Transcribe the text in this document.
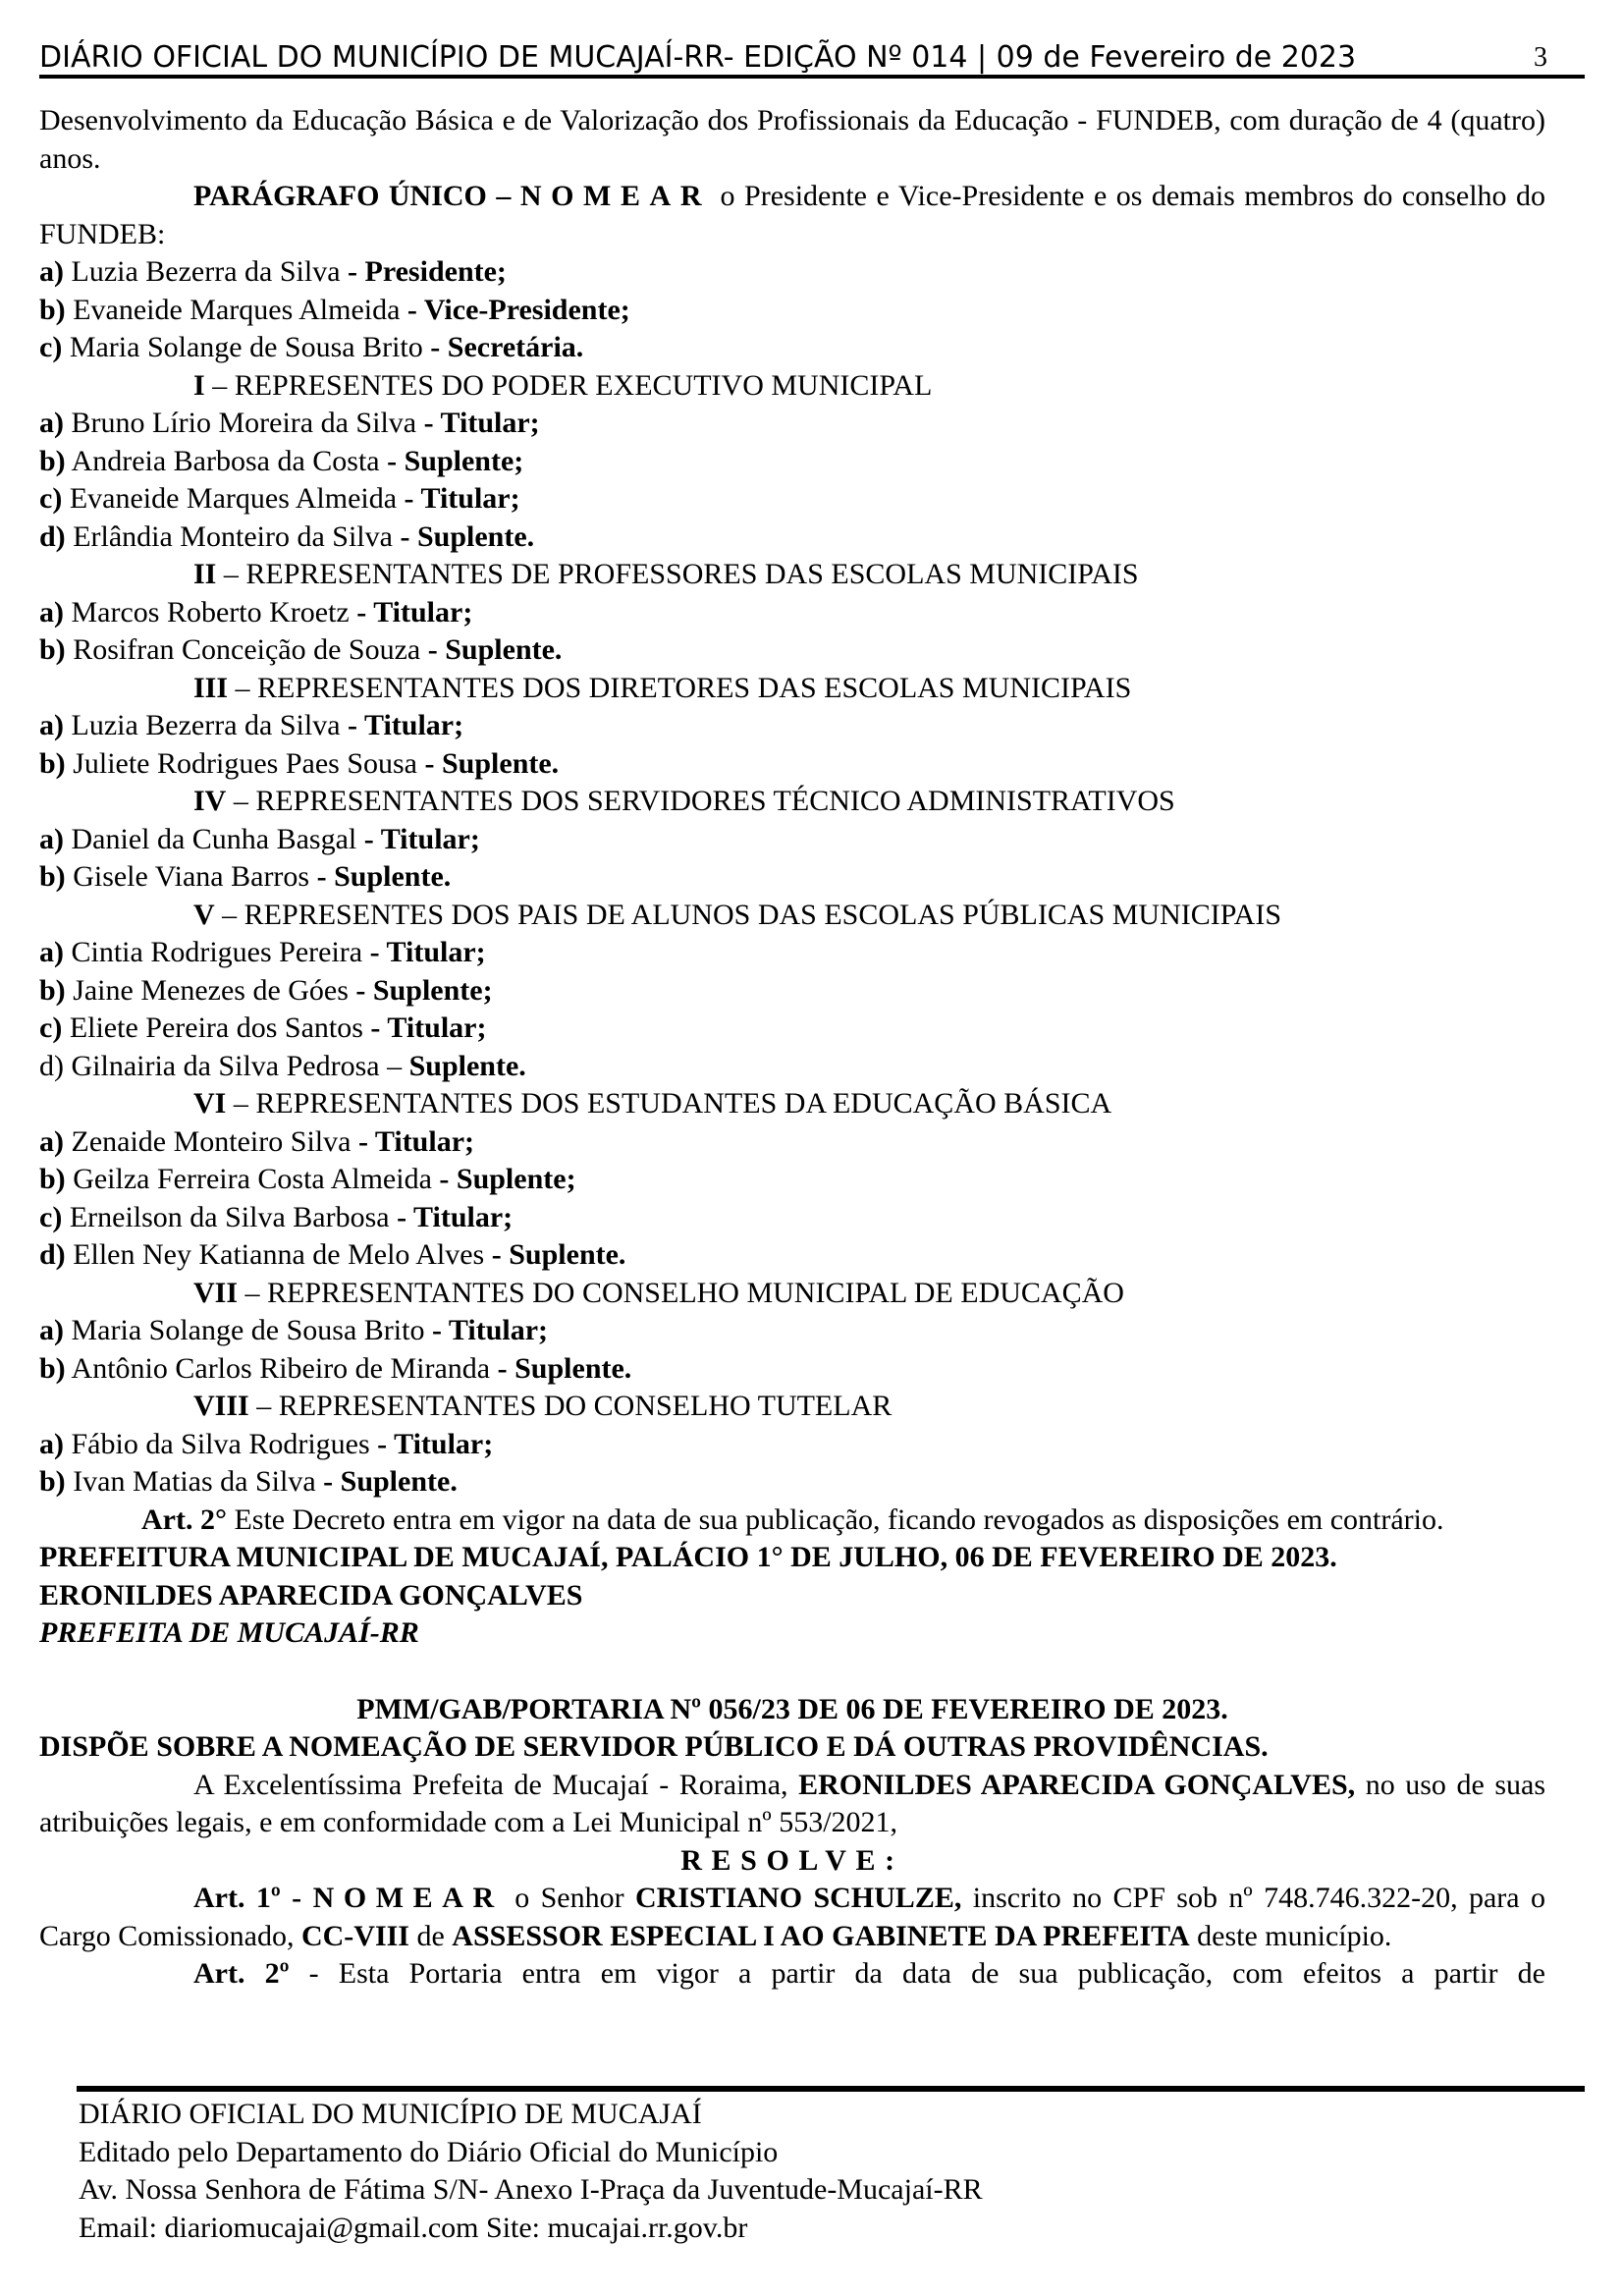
DIÁRIO OFICIAL DO MUNICÍPIO DE MUCAJAÍ-RR- EDIÇÃO Nº 014 | 09 de Fevereiro de 2023	3

Desenvolvimento da Educação Básica e de Valorização dos Profissionais da Educação - FUNDEB, com duração de 4 (quatro) anos.

PARÁGRAFO ÚNICO – NOMEAR o Presidente e Vice-Presidente e os demais membros do conselho do FUNDEB:

a) Luzia Bezerra da Silva - Presidente;

b) Evaneide Marques Almeida - Vice-Presidente;

c) Maria Solange de Sousa Brito - Secretária.

I – REPRESENTES DO PODER EXECUTIVO MUNICIPAL

a) Bruno Lírio Moreira da Silva - Titular;

b) Andreia Barbosa da Costa - Suplente;

c) Evaneide Marques Almeida - Titular;

d) Erlândia Monteiro da Silva - Suplente.

II – REPRESENTANTES DE PROFESSORES DAS ESCOLAS MUNICIPAIS

a) Marcos Roberto Kroetz - Titular;

b) Rosifran Conceição de Souza - Suplente.

III – REPRESENTANTES DOS DIRETORES DAS ESCOLAS MUNICIPAIS

a) Luzia Bezerra da Silva - Titular;

b) Juliete Rodrigues Paes Sousa - Suplente.

IV – REPRESENTANTES DOS SERVIDORES TÉCNICO ADMINISTRATIVOS

a) Daniel da Cunha Basgal - Titular;

b) Gisele Viana Barros - Suplente.

V – REPRESENTES DOS PAIS DE ALUNOS DAS ESCOLAS PÚBLICAS MUNICIPAIS

a) Cintia Rodrigues Pereira - Titular;

b) Jaine Menezes de Góes - Suplente;

c) Eliete Pereira dos Santos - Titular;

d) Gilnairia da Silva Pedrosa – Suplente.

VI – REPRESENTANTES DOS ESTUDANTES DA EDUCAÇÃO BÁSICA

a) Zenaide Monteiro Silva - Titular;

b) Geilza Ferreira Costa Almeida - Suplente;

c) Erneilson da Silva Barbosa - Titular;

d) Ellen Ney Katianna de Melo Alves - Suplente.

VII – REPRESENTANTES DO CONSELHO MUNICIPAL DE EDUCAÇÃO

a) Maria Solange de Sousa Brito - Titular;

b) Antônio Carlos Ribeiro de Miranda - Suplente.

VIII – REPRESENTANTES DO CONSELHO TUTELAR

a) Fábio da Silva Rodrigues - Titular;

b) Ivan Matias da Silva - Suplente.

Art. 2° Este Decreto entra em vigor na data de sua publicação, ficando revogados as disposições em contrário.

PREFEITURA MUNICIPAL DE MUCAJAÍ, PALÁCIO 1° DE JULHO, 06 DE FEVEREIRO DE 2023.

ERONILDES APARECIDA GONÇALVES

PREFEITA DE MUCAJAÍ-RR

PMM/GAB/PORTARIA Nº 056/23 DE 06 DE FEVEREIRO DE 2023.

DISPÕE SOBRE A NOMEAÇÃO DE SERVIDOR PÚBLICO E DÁ OUTRAS PROVIDÊNCIAS.

A Excelentíssima Prefeita de Mucajaí - Roraima, ERONILDES APARECIDA GONÇALVES, no uso de suas atribuições legais, e em conformidade com a Lei Municipal nº 553/2021,

RESOLVE:

Art. 1º - NOMEAR o Senhor CRISTIANO SCHULZE, inscrito no CPF sob nº 748.746.322-20, para o Cargo Comissionado, CC-VIII de ASSESSOR ESPECIAL I AO GABINETE DA PREFEITA deste município.

Art. 2º - Esta Portaria entra em vigor a partir da data de sua publicação, com efeitos a partir de

DIÁRIO OFICIAL DO MUNICÍPIO DE MUCAJAÍ

Editado pelo Departamento do Diário Oficial do Município

Av. Nossa Senhora de Fátima S/N- Anexo I-Praça da Juventude-Mucajaí-RR

Email: diariomucajai@gmail.com Site: mucajai.rr.gov.br
